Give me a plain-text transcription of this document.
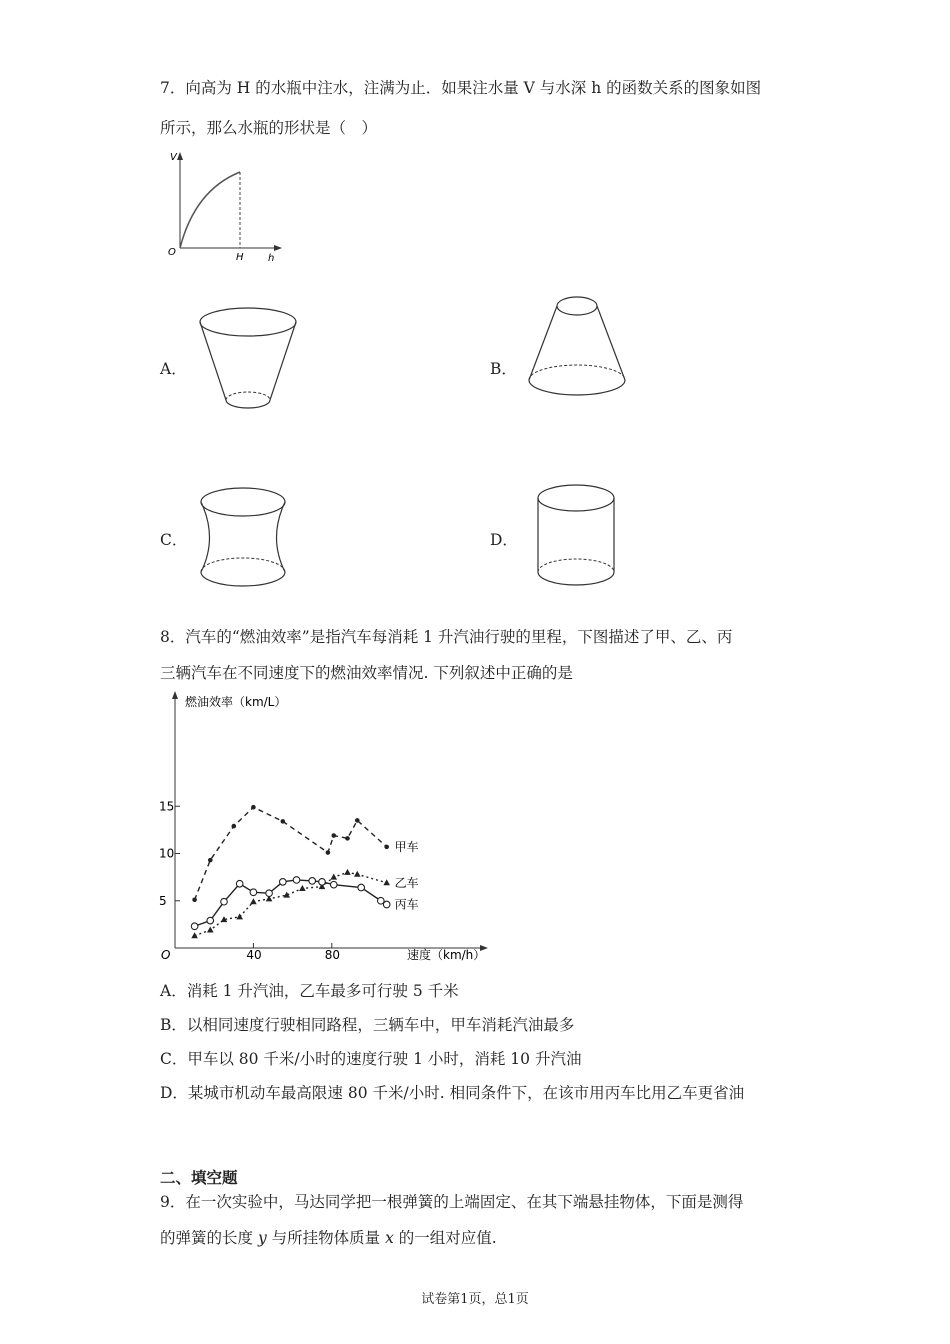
7．向高为 H 的水瓶中注水，注满为止．如果注水量 V 与水深 h 的函数关系的图象如图
所示，那么水瓶的形状是（　）
V
O	H h
A．	B．
C．	D．
8．汽车的“燃油效率”是指汽车每消耗 1 升汽油行驶的里程，下图描述了甲、乙、丙
三辆汽车在不同速度下的燃油效率情况. 下列叙述中正确的是
燃油效率（km/L）
速度（km/h）
O
5
10
15
40	80
甲车
乙车
丙车
A．消耗 1 升汽油，乙车最多可行驶 5 千米
B．以相同速度行驶相同路程，三辆车中，甲车消耗汽油最多
C．甲车以 80 千米/小时的速度行驶 1 小时，消耗 10 升汽油
D．某城市机动车最高限速 80 千米/小时. 相同条件下，在该市用丙车比用乙车更省油
二、填空题
9．在一次实验中，马达同学把一根弹簧的上端固定、在其下端悬挂物体，下面是测得
的弹簧的长度 y 与所挂物体质量 x 的一组对应值.
试卷第1页，总1页
